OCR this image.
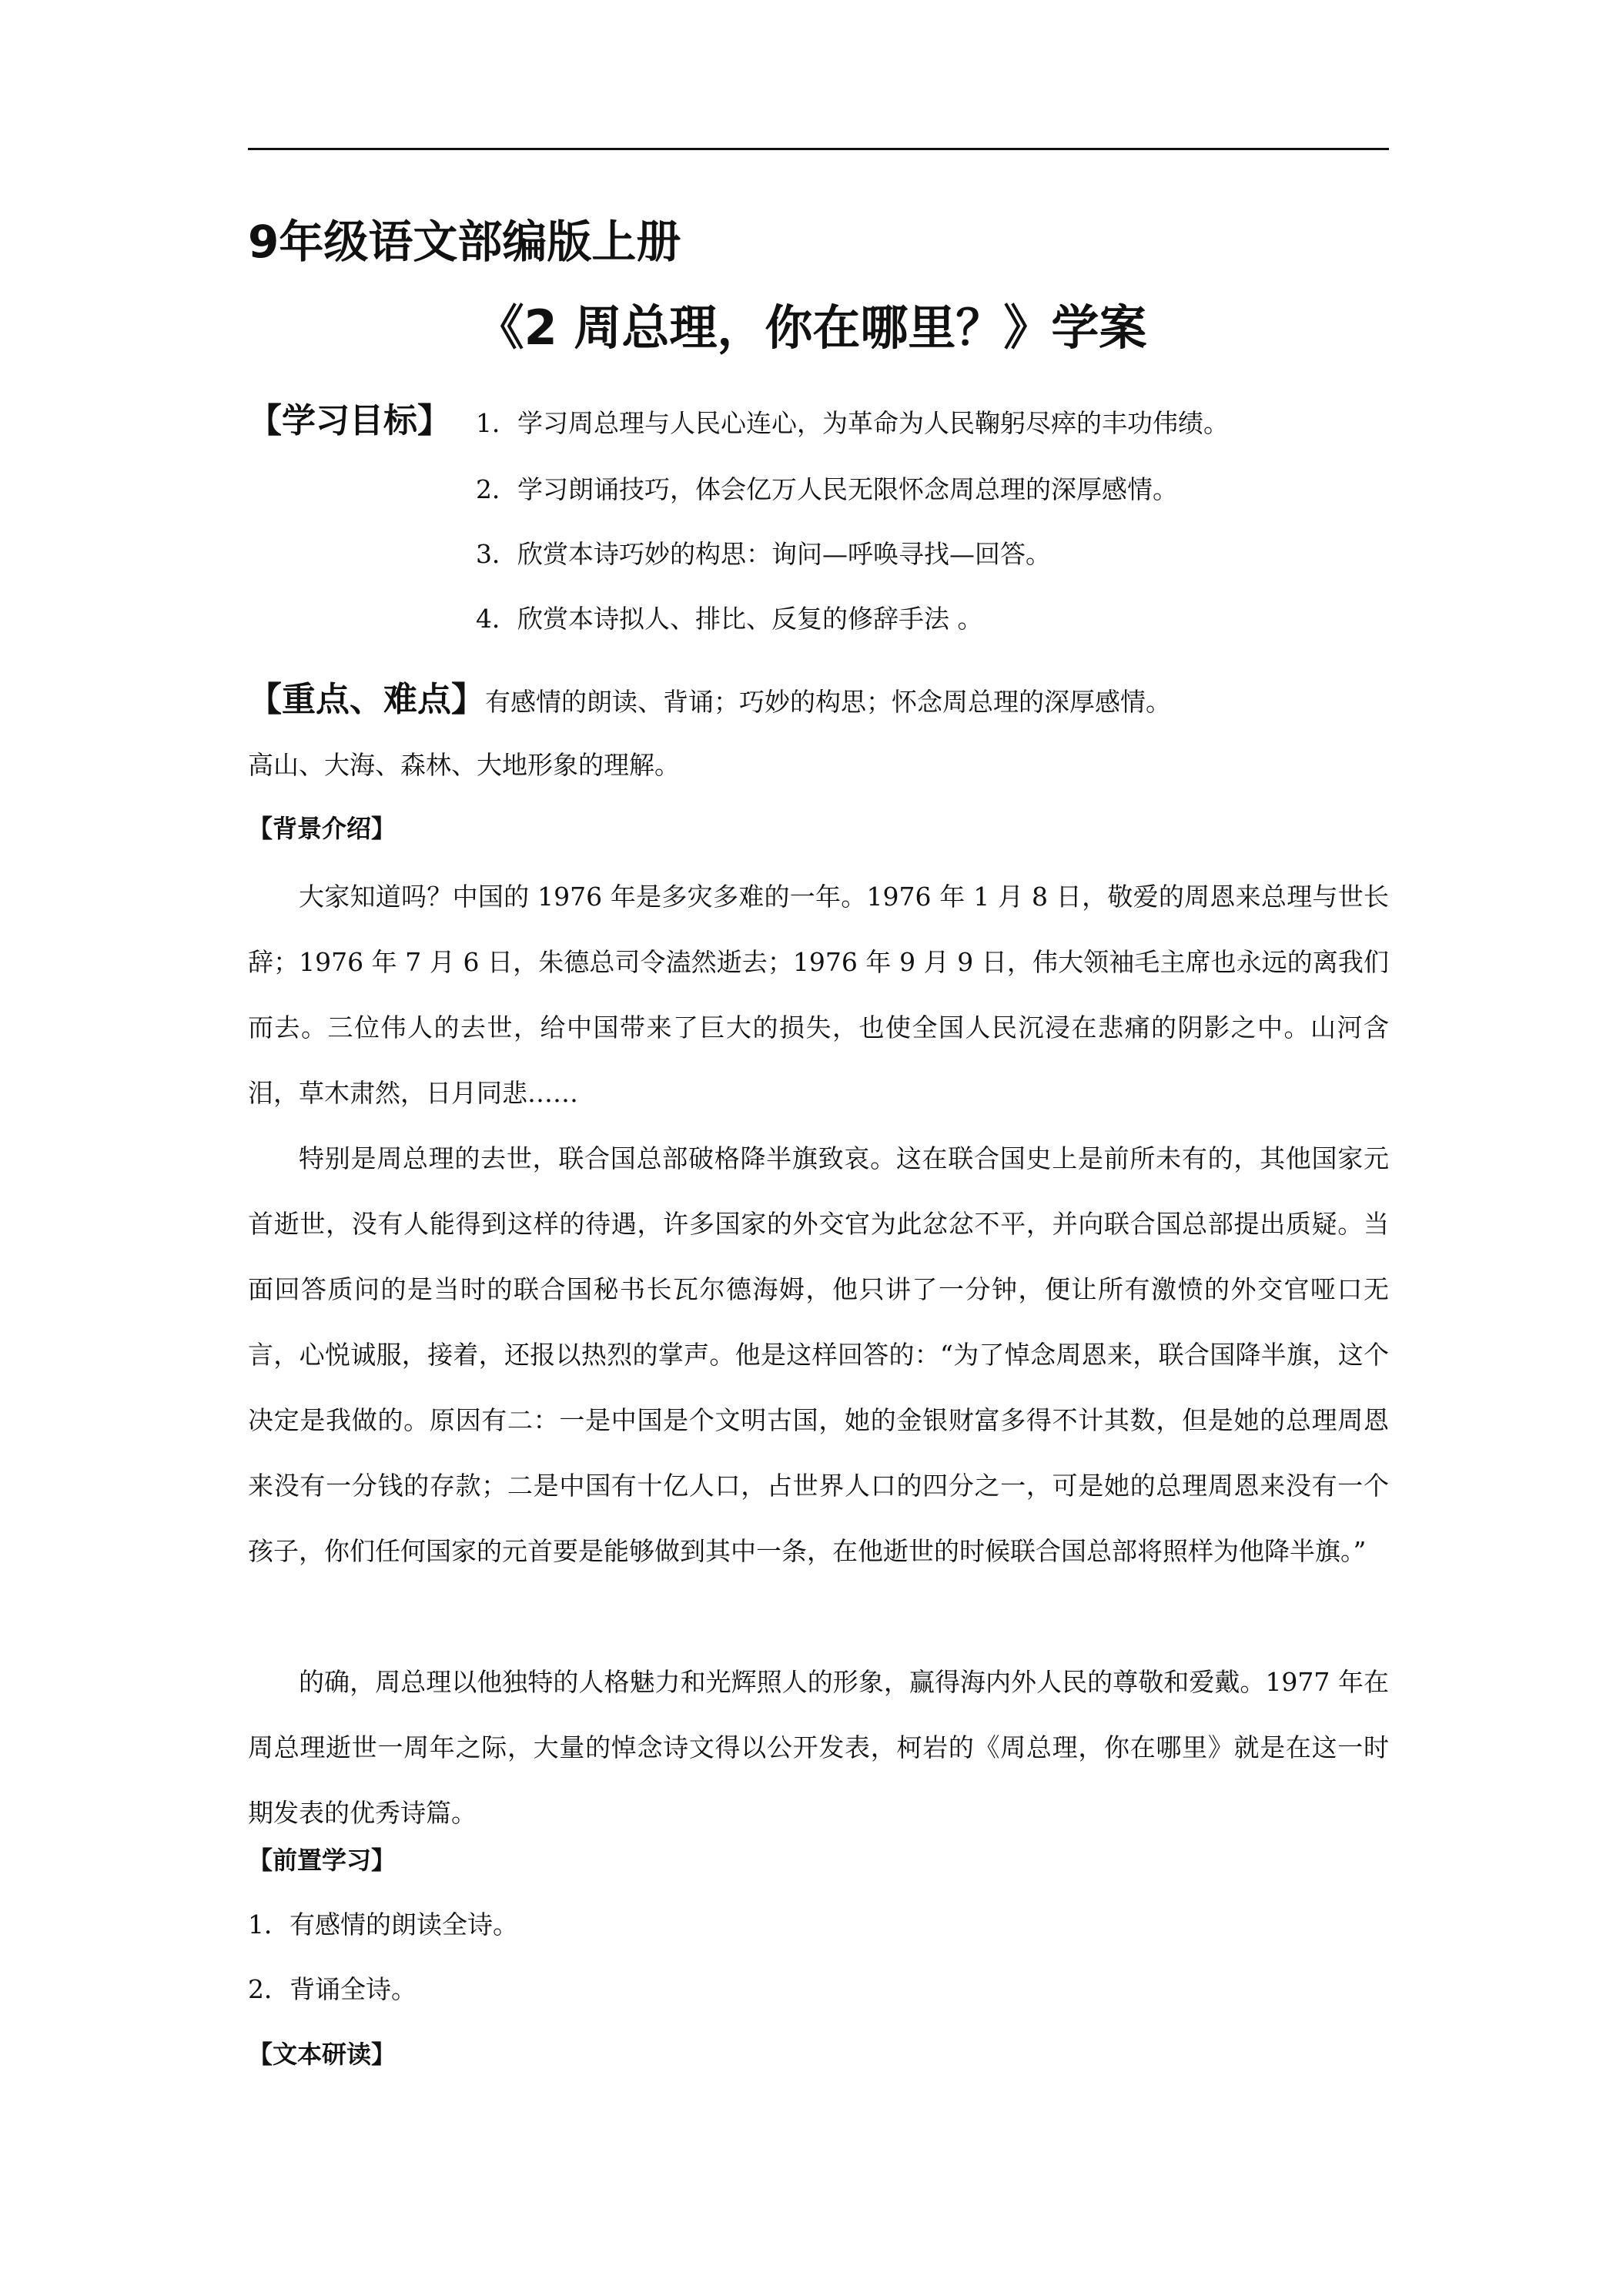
9年级语文部编版上册
《2 周总理，你在哪里？》学案
【学习目标】 1．学习周总理与人民心连心，为革命为人民鞠躬尽瘁的丰功伟绩。
2．学习朗诵技巧，体会亿万人民无限怀念周总理的深厚感情。
3．欣赏本诗巧妙的构思：询问—呼唤寻找—回答。
4．欣赏本诗拟人、排比、反复的修辞手法 。
【重点、难点】 有感情的朗读、背诵；巧妙的构思；怀念周总理的深厚感情。
高山、大海、森林、大地形象的理解。
【背景介绍】
大家知道吗？中国的 1976 年是多灾多难的一年。1976 年 1 月 8 日，敬爱的周恩来总理与世长辞；1976 年 7 月 6 日，朱德总司令溘然逝去；1976 年 9 月 9 日，伟大领袖毛主席也永远的离我们而去。三位伟人的去世，给中国带来了巨大的损失，也使全国人民沉浸在悲痛的阴影之中。山河含泪，草木肃然，日月同悲……
特别是周总理的去世，联合国总部破格降半旗致哀。这在联合国史上是前所未有的，其他国家元首逝世，没有人能得到这样的待遇，许多国家的外交官为此忿忿不平，并向联合国总部提出质疑。当面回答质问的是当时的联合国秘书长瓦尔德海姆，他只讲了一分钟，便让所有激愤的外交官哑口无言，心悦诚服，接着，还报以热烈的掌声。他是这样回答的：“为了悼念周恩来，联合国降半旗，这个决定是我做的。原因有二：一是中国是个文明古国，她的金银财富多得不计其数，但是她的总理周恩来没有一分钱的存款；二是中国有十亿人口，占世界人口的四分之一，可是她的总理周恩来没有一个孩子，你们任何国家的元首要是能够做到其中一条，在他逝世的时候联合国总部将照样为他降半旗。”
的确，周总理以他独特的人格魅力和光辉照人的形象，赢得海内外人民的尊敬和爱戴。1977 年在周总理逝世一周年之际，大量的悼念诗文得以公开发表，柯岩的《周总理，你在哪里》就是在这一时期发表的优秀诗篇。
【前置学习】
1．有感情的朗读全诗。
2．背诵全诗。
【文本研读】
